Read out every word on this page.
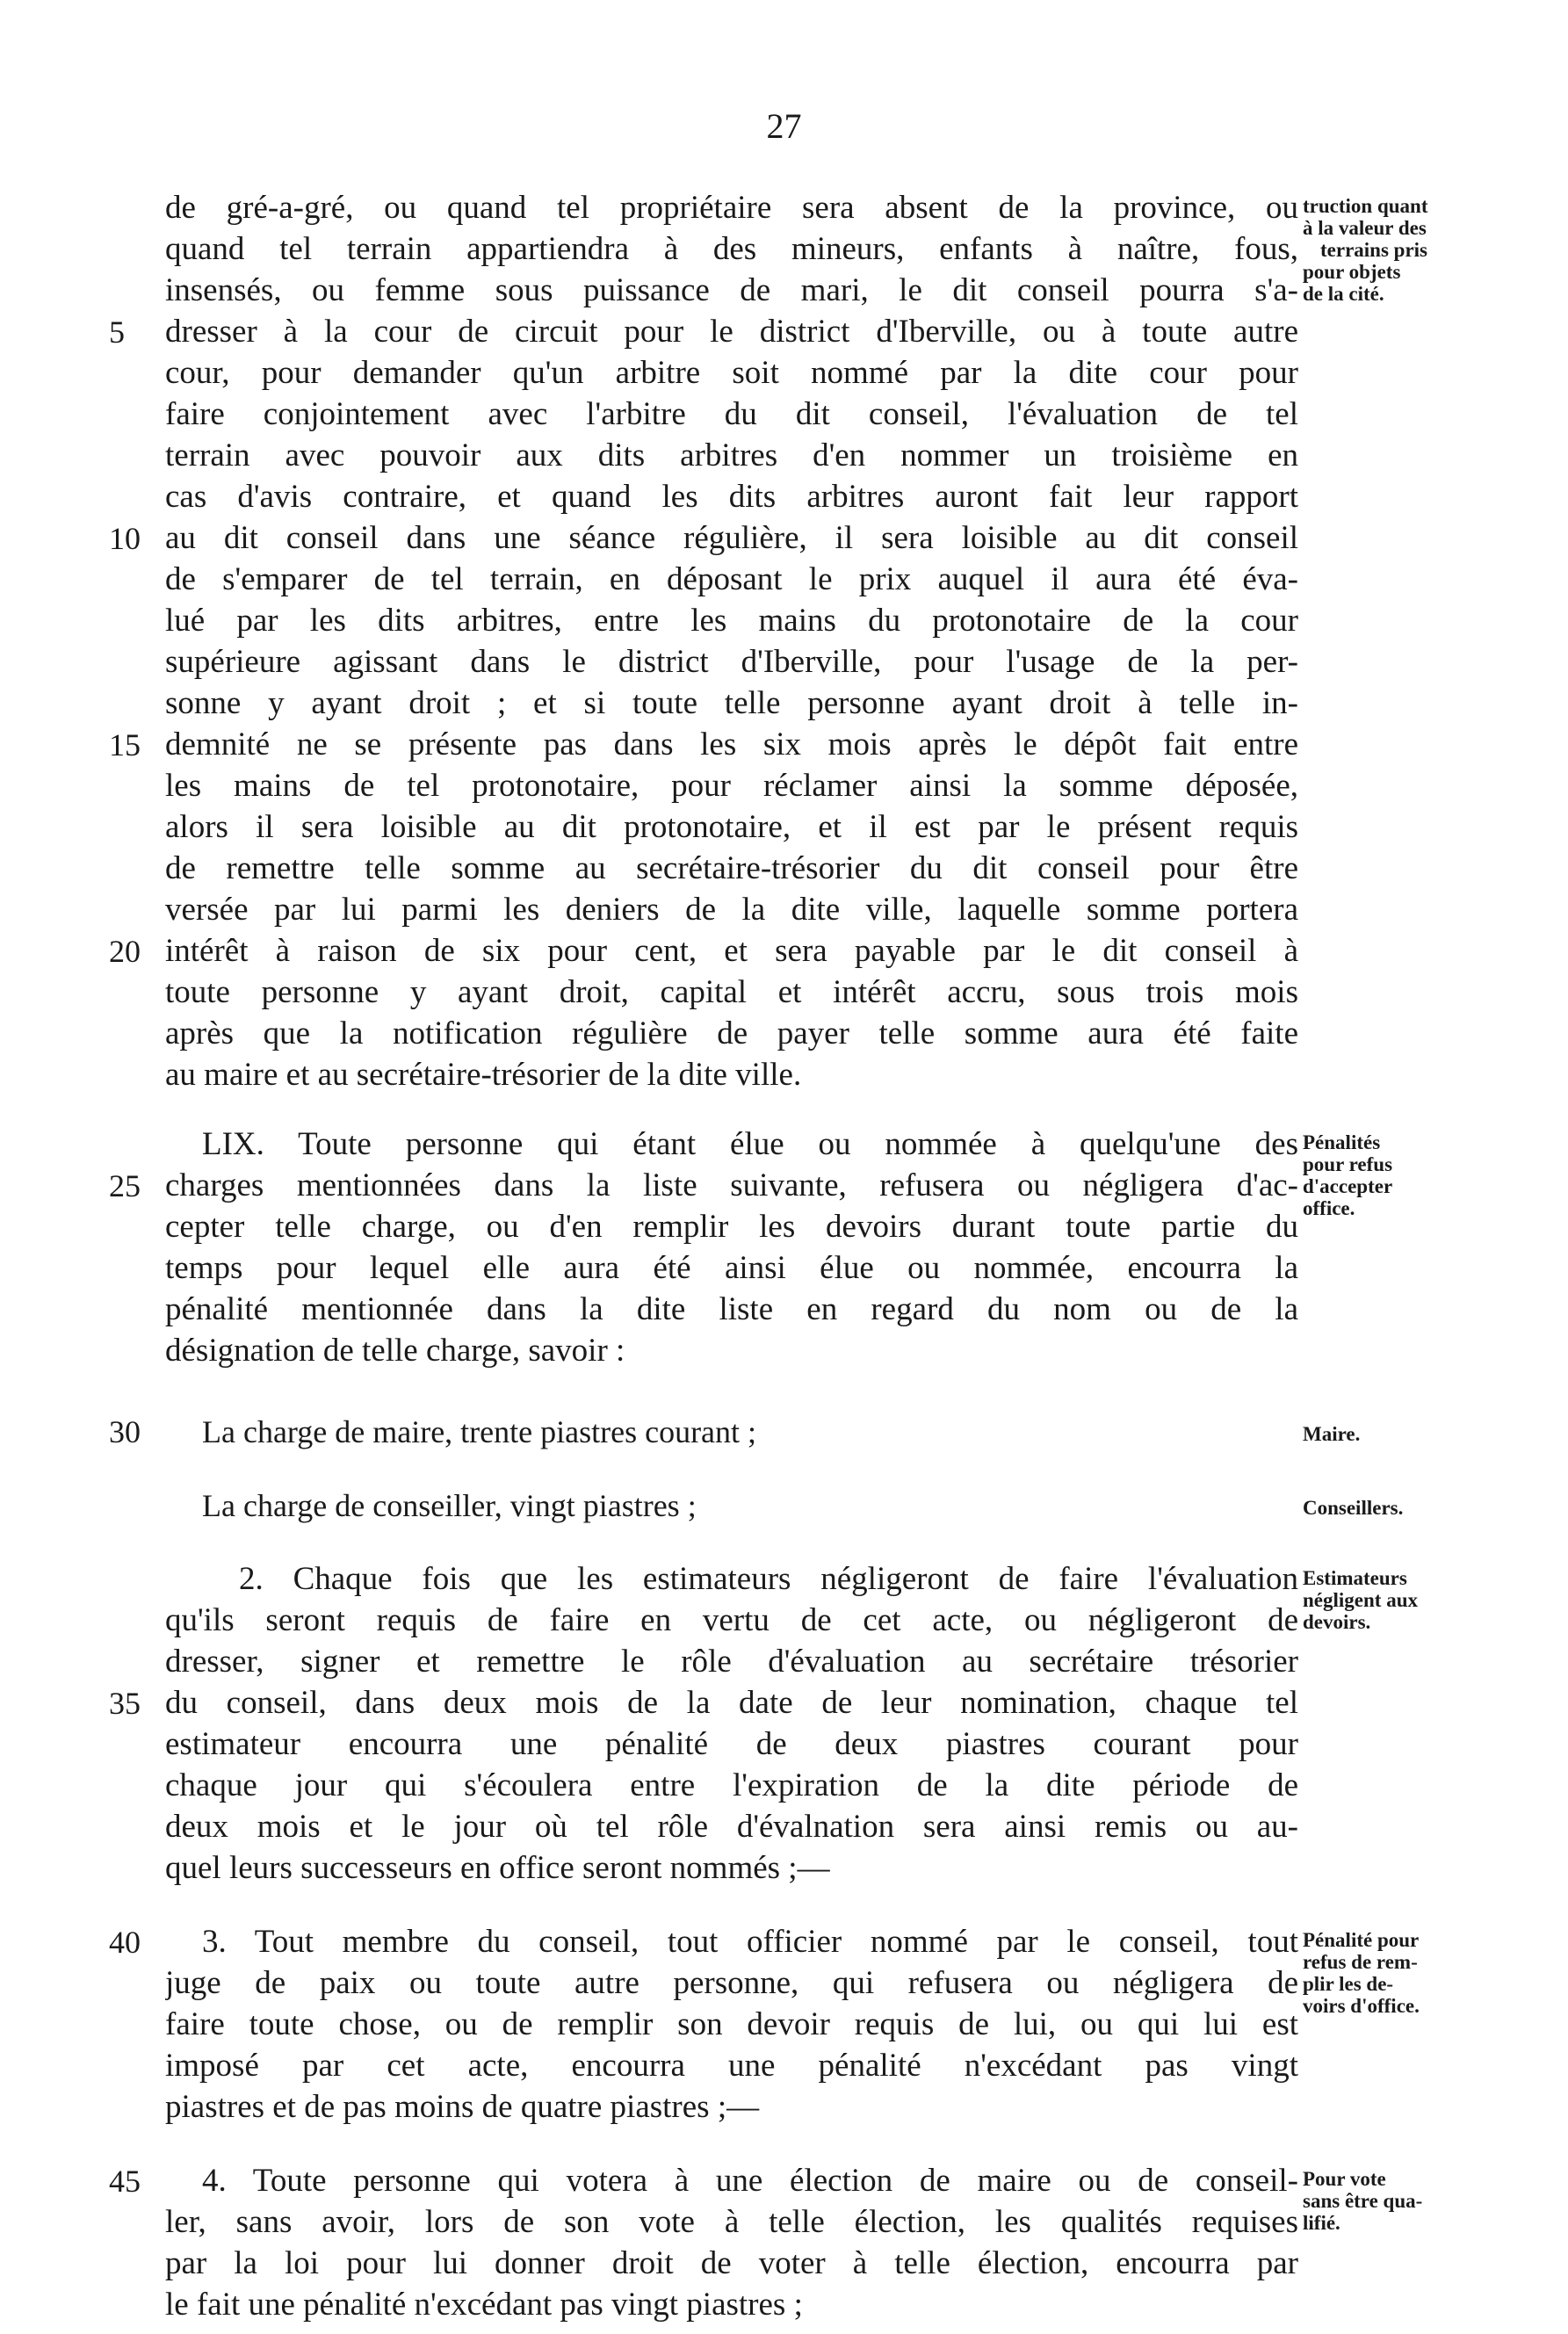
27
de gré-a-gré, ou quand tel propriétaire sera absent de la province, ou
quand tel terrain appartiendra à des mineurs, enfants à naître, fous,
insensés, ou femme sous puissance de mari, le dit conseil pourra s'a-
dresser à la cour de circuit pour le district d'Iberville, ou à toute autre
cour, pour demander qu'un arbitre soit nommé par la dite cour pour
faire conjointement avec l'arbitre du dit conseil, l'évaluation de tel
terrain avec pouvoir aux dits arbitres d'en nommer un troisième en
cas d'avis contraire, et quand les dits arbitres auront fait leur rapport
au dit conseil dans une séance régulière, il sera loisible au dit conseil
de s'emparer de tel terrain, en déposant le prix auquel il aura été éva-
lué par les dits arbitres, entre les mains du protonotaire de la cour
supérieure agissant dans le district d'Iberville, pour l'usage de la per-
sonne y ayant droit ; et si toute telle personne ayant droit à telle in-
demnité ne se présente pas dans les six mois après le dépôt fait entre
les mains de tel protonotaire, pour réclamer ainsi la somme déposée,
alors il sera loisible au dit protonotaire, et il est par le présent requis
de remettre telle somme au secrétaire-trésorier du dit conseil pour être
versée par lui parmi les deniers de la dite ville, laquelle somme portera
intérêt à raison de six pour cent, et sera payable par le dit conseil à
toute personne y ayant droit, capital et intérêt accru, sous trois mois
après que la notification régulière de payer telle somme aura été faite
au maire et au secrétaire-trésorier de la dite ville.
LIX. Toute personne qui étant élue ou nommée à quelqu'une des
charges mentionnées dans la liste suivante, refusera ou négligera d'ac-
cepter telle charge, ou d'en remplir les devoirs durant toute partie du
temps pour lequel elle aura été ainsi élue ou nommée, encourra la
pénalité mentionnée dans la dite liste en regard du nom ou de la
désignation de telle charge, savoir :
La charge de maire, trente piastres courant ;
La charge de conseiller, vingt piastres ;
2. Chaque fois que les estimateurs négligeront de faire l'évaluation
qu'ils seront requis de faire en vertu de cet acte, ou négligeront de
dresser, signer et remettre le rôle d'évaluation au secrétaire trésorier
du conseil, dans deux mois de la date de leur nomination, chaque tel
estimateur encourra une pénalité de deux piastres courant pour
chaque jour qui s'écoulera entre l'expiration de la dite période de
deux mois et le jour où tel rôle d'évalnation sera ainsi remis ou au-
quel leurs successeurs en office seront nommés ;—
3. Tout membre du conseil, tout officier nommé par le conseil, tout
juge de paix ou toute autre personne, qui refusera ou négligera de
faire toute chose, ou de remplir son devoir requis de lui, ou qui lui est
imposé par cet acte, encourra une pénalité n'excédant pas vingt
piastres et de pas moins de quatre piastres ;—
4. Toute personne qui votera à une élection de maire ou de conseil-
ler, sans avoir, lors de son vote à telle élection, les qualités requises
par la loi pour lui donner droit de voter à telle élection, encourra par
le fait une pénalité n'excédant pas vingt piastres ;
5
10
15
20
25
30
35
40
45
truction quant
à la valeur des
terrains pris
pour objets
de la cité.
Pénalités
pour refus
d'accepter
office.
Maire.
Conseillers.
Estimateurs
négligent aux
devoirs.
Pénalité pour
refus de rem-
plir les de-
voirs d'office.
Pour vote
sans être qua-
lifié.
